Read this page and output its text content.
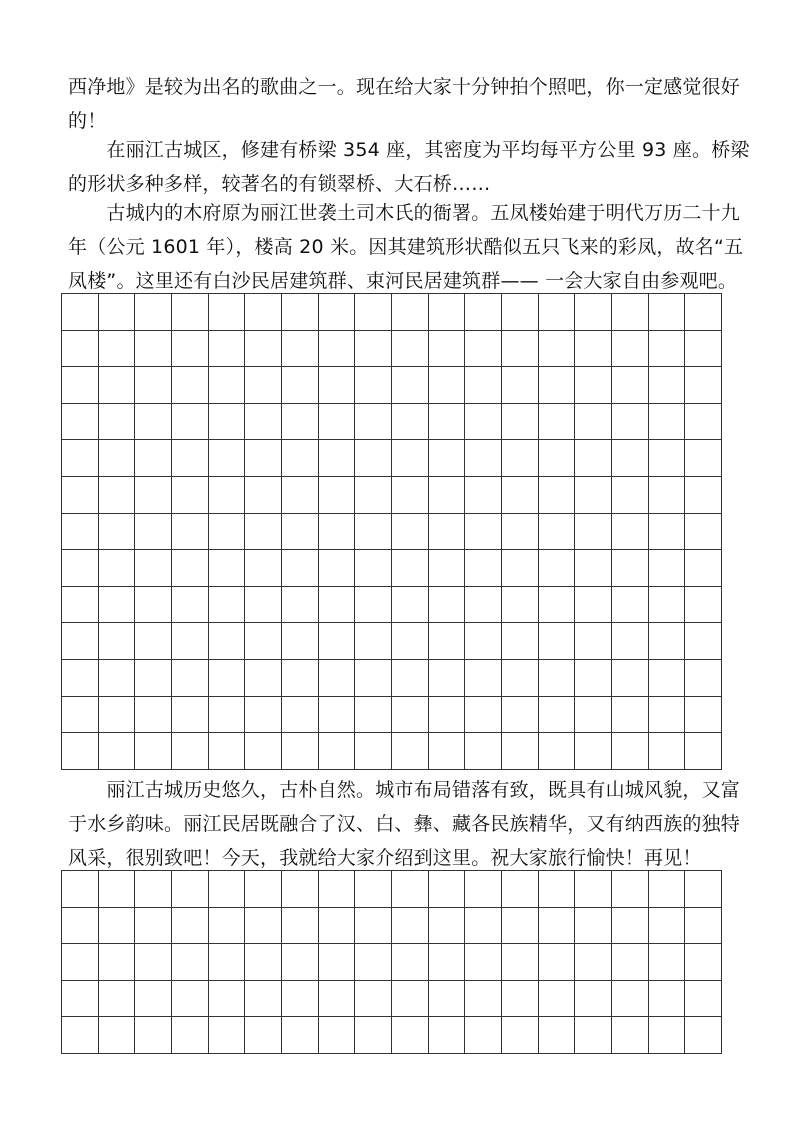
西净地》是较为出名的歌曲之一。现在给大家十分钟拍个照吧，你一定感觉很好
的！
　　在丽江古城区，修建有桥梁 354 座，其密度为平均每平方公里 93 座。桥梁
的形状多种多样，较著名的有锁翠桥、大石桥……
　　古城内的木府原为丽江世袭土司木氏的衙署。五凤楼始建于明代万历二十九
年（公元 1601 年），楼高 20 米。因其建筑形状酷似五只飞来的彩凤，故名“五
凤楼”。这里还有白沙民居建筑群、束河民居建筑群—— 一会大家自由参观吧。
　　丽江古城历史悠久，古朴自然。城市布局错落有致，既具有山城风貌，又富
于水乡韵味。丽江民居既融合了汉、白、彝、藏各民族精华，又有纳西族的独特
风采，很别致吧！今天，我就给大家介绍到这里。祝大家旅行愉快！再见！
